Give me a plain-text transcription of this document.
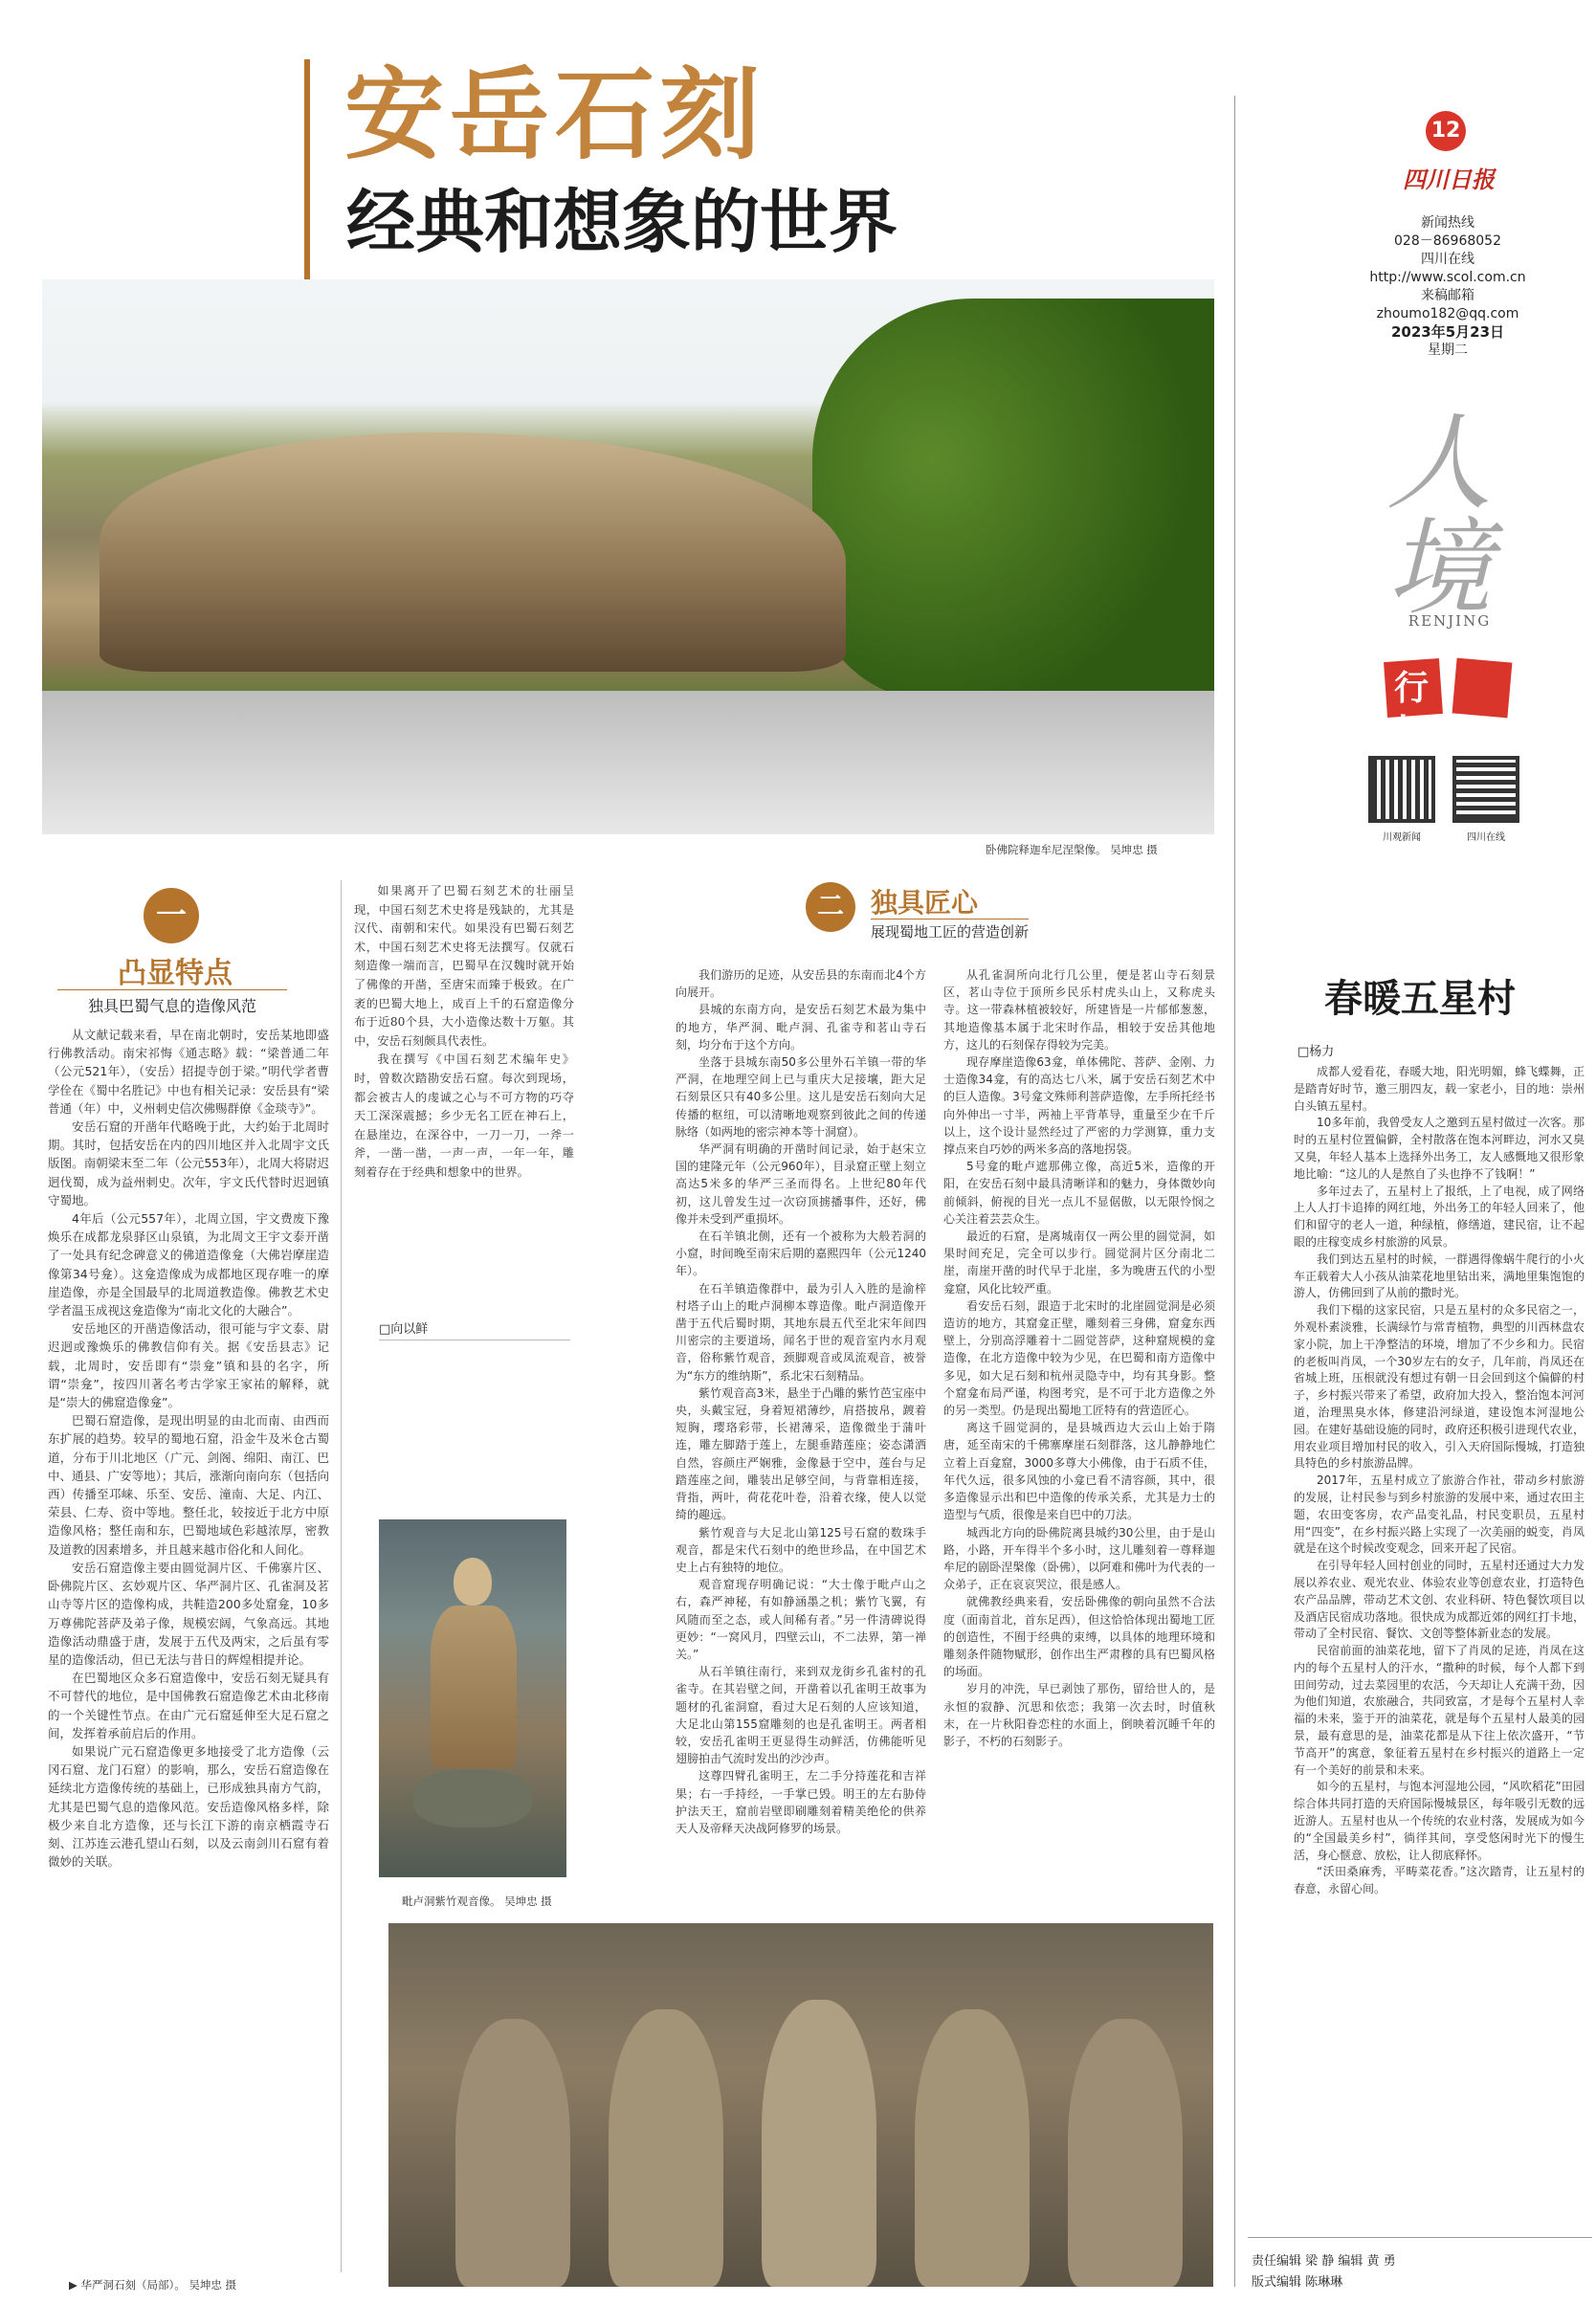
安岳石刻
经典和想象的世界
12
四川日报
新闻热线
028－86968052
四川在线
http://www.scol.com.cn
来稿邮箱
zhoumo182@qq.com
2023年5月23日
星期二
人境
RENJING
行走
川观新闻	四川在线
卧佛院释迦牟尼涅槃像。 吴坤忠 摄
一
凸显特点
独具巴蜀气息的造像风范

从文献记载来看，早在南北朝时，安岳某地即盛行佛教活动。南宋祁悔《通志略》载：“梁普通二年（公元521年），（安岳）招提寺创于梁。”明代学者曹学佺在《蜀中名胜记》中也有相关记录：安岳县有“梁普通（年）中，义州刺史信次佛赐群僚《金琰寺》”。

安岳石窟的开凿年代略晚于此，大约始于北周时期。其时，包括安岳在内的四川地区并入北周宇文氏版图。南朝梁末至二年（公元553年），北周大将尉迟迥伐蜀，成为益州刺史。次年，宇文氏代替时迟迥镇守蜀地。

4年后（公元557年），北周立国，宇文费废下豫焕乐在成都龙泉驿区山泉镇，为北周文王宇文泰开凿了一处具有纪念碑意义的佛道造像龛（大佛岩摩崖造像第34号龛）。这龛造像成为成都地区现存唯一的摩崖造像，亦是全国最早的北周道教造像。佛教艺术史学者温玉成视这龛造像为“南北文化的大融合”。

安岳地区的开凿造像活动，很可能与宇文泰、尉迟迥或豫焕乐的佛教信仰有关。据《安岳县志》记载，北周时，安岳即有“崇龛”镇和县的名字，所谓“崇龛”，按四川著名考古学家王家祐的解释，就是“崇大的佛窟造像龛”。

巴蜀石窟造像，是现出明显的由北而南、由西而东扩展的趋势。较早的蜀地石窟，沿金牛及米仓古蜀道，分布于川北地区（广元、剑阁、绵阳、南江、巴中、通县、广安等地）；其后，涨渐向南向东（包括向西）传播至邛崃、乐至、安岳、潼南、大足、内江、荣县、仁寿、资中等地。整任北，较按近于北方中原造像风格；整任南和东，巴蜀地域色彩越浓厚，密教及道教的因素增多，并且越来越市俗化和人间化。

安岳石窟造像主要由圆觉洞片区、千佛寨片区、卧佛院片区、玄妙观片区、华严洞片区、孔雀洞及茗山寺等片区的造像构成，共鞋造200多处窟龛，10多万尊佛陀菩萨及弟子像，规模宏阔，气象高远。其地造像活动鼎盛于唐，发展于五代及两宋，之后虽有零星的造像活动，但已无法与昔日的辉煌相提并论。

在巴蜀地区众多石窟造像中，安岳石刻无疑具有不可替代的地位，是中国佛教石窟造像艺术由北移南的一个关键性节点。在由广元石窟延伸至大足石窟之间，发挥着承前启后的作用。

如果说广元石窟造像更多地接受了北方造像（云冈石窟、龙门石窟）的影响，那么，安岳石窟造像在延续北方造像传统的基础上，已形成独具南方气韵，尤其是巴蜀气息的造像风范。安岳造像风格多样，除极少来自北方造像，还与长江下游的南京栖霞寺石刻、江苏连云港孔望山石刻，以及云南剑川石窟有着微妙的关联。

如果离开了巴蜀石刻艺术的壮丽呈现，中国石刻艺术史将是残缺的，尤其是汉代、南朝和宋代。如果没有巴蜀石刻艺术，中国石刻艺术史将无法撰写。仅就石刻造像一端而言，巴蜀早在汉魏时就开始了佛像的开凿，至唐宋而臻于极致。在广袤的巴蜀大地上，成百上千的石窟造像分布于近80个县，大小造像达数十万躯。其中，安岳石刻颇具代表性。

我在撰写《中国石刻艺术编年史》时，曾数次踏勘安岳石窟。每次到现场，都会被古人的虔诚之心与不可方物的巧夺天工深深震撼；乡少无名工匠在神石上，在悬崖边，在深谷中，一刀一刀，一斧一斧，一凿一凿，一声一声，一年一年，雕刻着存在于经典和想象中的世界。

□向以鲜
毗卢洞紫竹观音像。 吴坤忠 摄
二	独具匠心
展现蜀地工匠的营造创新

我们游历的足迹，从安岳县的东南而北4个方向展开。

县城的东南方向，是安岳石刻艺术最为集中的地方，华严洞、毗卢洞、孔雀寺和茗山寺石刻，均分布于这个方向。

坐落于县城东南50多公里外石羊镇一带的华严洞，在地理空间上已与重庆大足接壤，距大足石刻景区只有40多公里。这儿是安岳石刻向大足传播的枢纽，可以清晰地观察到彼此之间的传递脉络（如两地的密宗神本等十洞窟）。

华严洞有明确的开凿时间记录，始于赵宋立国的建隆元年（公元960年），目录窟正壁上刻立高达5米多的华严三圣而得名。上世纪80年代初，这儿曾发生过一次窃顶掳播事件，还好，佛像并未受到严重损坏。

在石羊镇北侧，还有一个被称为大般若洞的小窟，时间晚至南宋后期的嘉熙四年（公元1240年）。

在石羊镇造像群中，最为引人入胜的是渝梓村塔子山上的毗卢洞柳本尊造像。毗卢洞造像开凿于五代后蜀时期，其地东晨五代至北宋年间四川密宗的主要道场，闻名于世的观音室内水月观音，俗称紫竹观音，颈脚观音或凤流观音，被誉为“东方的维纳斯”，系北宋石刻精品。

紫竹观音高3米，悬坐于凸雕的紫竹芭宝座中央，头戴宝冠，身着短裙薄纱，肩搭披帛，踱着短胸，璎珞彩带，长裙薄采，造像微坐于蒲叶连，雕左脚踏于莲上，左腿垂踏莲座；姿态潇洒自然，容颜庄严娴雅，金像悬于空中，莲台与足踏莲座之间，雕装出足够空间，与背靠相连接，背指，两叶，荷花花叶卷，沿着衣缘，使人以觉绮的趣远。

紫竹观音与大足北山第125号石窟的数珠手观音，都是宋代石刻中的绝世珍品，在中国艺术史上占有独特的地位。

观音窟现存明确记说：“大士像于毗卢山之右，森严神秘，有如静涵墨之机；紫竹飞翼，有风随而至之态，或人间稀有者。”另一件清碑说得更妙：“一窝风月，四壁云山，不二法界，第一禅关。”

从石羊镇往南行，来到双龙街乡孔雀村的孔雀寺。在其岩壁之间，开凿着以孔雀明王故事为题材的孔雀洞窟，看过大足石刻的人应该知道，大足北山第155窟雕刻的也是孔雀明王。两者相较，安岳孔雀明王更显得生动鲜活，仿佛能听见翅膀拍击气流时发出的沙沙声。

这尊四臂孔雀明王，左二手分持莲花和吉祥果；右一手持经，一手掌已毁。明王的左右胁侍护法天王，窟前岩壁即刷雕刻着精美绝伦的供养天人及帝释天决战阿修罗的场景。

从孔雀洞所向北行几公里，便是茗山寺石刻景区，茗山寺位于顶所乡民乐村虎头山上，又称虎头寺。这一带森林植被较好，所建皆是一片郁郁葱葱，其地造像基本属于北宋时作品，相较于安岳其他地方，这儿的石刻保存得较为完美。

现存摩崖造像63龛，单体佛陀、菩萨、金刚、力士造像34龛，有的高达七八米，属于安岳石刻艺术中的巨人造像。3号龛文殊师利菩萨造像，左手所托经书向外伸出一寸半，两袖上平背革导，重量至少在千斤以上，这个设计显然经过了严密的力学测算，重力支撑点来自巧妙的两米多高的落地拐袋。

5号龛的毗卢遮那佛立像，高近5米，造像的开阳，在安岳石刻中最具清晰详和的魅力，身体微妙向前倾斜，俯视的目光一点儿不显倨傲，以无限怜悯之心关注着芸芸众生。

最近的石窟，是离城南仅一两公里的圆觉洞，如果时间充足，完全可以步行。圆觉洞片区分南北二崖，南崖开凿的时代早于北崖，多为晚唐五代的小型龛窟，风化比较严重。

看安岳石刻，跟造于北宋时的北崖圆觉洞是必须造访的地方，其窟龛正壁，雕刻着三身佛，窟龛东西壁上，分别高浮雕着十二圆觉菩萨，这种窟规模的龛造像，在北方造像中较为少见，在巴蜀和南方造像中多见，如大足石刻和杭州灵隐寺中，均有其身影。整个窟龛布局严谨，构图考究，是不可于北方造像之外的另一类型。仍是现出蜀地工匠特有的营造匠心。

离这千圆觉洞的，是县城西边大云山上始于隋唐，延至南宋的千佛寨摩崖石刻群落，这儿静静地伫立着上百龛窟，3000多尊大小佛像，由于石质不佳，年代久远，很多风蚀的小龛已看不清容颜，其中，很多造像显示出和巴中造像的传承关系，尤其是力士的造型与气质，很像是来自巴中的刀法。

城西北方向的卧佛院离县城约30公里，由于是山路，小路，开车得半个多小时，这儿雕刻着一尊释迦牟尼的剧卧涅槃像（卧佛），以阿难和佛叶为代表的一众弟子，正在哀哀哭泣，很是感人。

就佛教经典来看，安岳卧佛像的朝向虽然不合法度（面南首北，首东足西），但这恰恰体现出蜀地工匠的创造性，不囿于经典的束缚，以具体的地理环境和雕刻条件随物赋形，创作出生严肃穆的具有巴蜀风格的场面。

岁月的冲洗，早已剥蚀了那伤，留给世人的，是永恒的寂静、沉思和依恋；我第一次去时，时值秋末，在一片秋阳眷恋柱的水面上，倒映着沉睡千年的影子，不朽的石刻影子。

▶ 华严洞石刻（局部）。 吴坤忠 摄
春暖五星村
□杨力

成都人爱看花，春暖大地，阳光明媚，蜂飞蝶舞，正是踏青好时节，邀三朋四友，载一家老小，目的地：崇州白头镇五星村。

10多年前，我曾受友人之邀到五星村做过一次客。那时的五星村位置偏僻，全村散落在饱本河畔边，河水又臭又臭，年轻人基本上选择外出务工，友人感慨地又很形象地比喻：“这儿的人是熬自了头也挣不了钱啊！”

多年过去了，五星村上了报纸，上了电视，成了网络上人人打卡追捧的网红地，外出务工的年轻人回来了，他们和留守的老人一道，种绿植，修缮道，建民宿，让不起眼的庄稼变成乡村旅游的风景。

我们到达五星村的时候，一群遇得像蜗牛爬行的小火车正载着大人小孩从油菜花地里钻出来，满地里集饱饱的游人，仿佛回到了从前的撒时光。

我们下榻的这家民宿，只是五星村的众多民宿之一，外观朴素淡雅，长满绿竹与常青植物，典型的川西林盘农家小院，加上干净整洁的环境，增加了不少乡和力。民宿的老板叫肖凤，一个30岁左右的女子，几年前，肖凤还在省城上班，压根就没有想过有朝一日会回到这个偏僻的村子，乡村振兴带来了希望，政府加大投入，整治饱本河河道，治理黑臭水体，修建沿河绿道，建设饱本河湿地公园。在建好基础设施的同时，政府还积极引进现代农业，用农业项目增加村民的收入，引入天府国际慢城，打造独具特色的乡村旅游品牌。

2017年，五星村成立了旅游合作社，带动乡村旅游的发展，让村民参与到乡村旅游的发展中来，通过农田主题，农田变客房，农产品变礼品，村民变职员，五星村用“四变”，在乡村振兴路上实现了一次美丽的蜕变，肖凤就是在这个时候改变观念，回来开起了民宿。

在引导年轻人回村创业的同时，五星村还通过大力发展以养农业、观光农业、体验农业等创意农业，打造特色农产品品牌，带动艺术文创、农业科研、特色餐饮项目以及酒店民宿成功落地。很快成为成都近郊的网红打卡地，带动了全村民宿、餐饮、文创等整体新业态的发展。

民宿前面的油菜花地，留下了肖凤的足迹，肖凤在这内的每个五星村人的汗水，“撒种的时候，每个人都下到田间劳动，过去菜园里的农活，今天却让人充满干劲，因为他们知道，农旅融合，共同致富，才是每个五星村人幸福的未来，鉴于开的油菜花，就是每个五星村人最美的园景，最有意思的是，油菜花都是从下往上依次盛开，“节节高开”的寓意，象征着五星村在乡村振兴的道路上一定有一个美好的前景和未来。

如今的五星村，与饱本河湿地公园，“风吹稻花”田园综合体共同打造的天府国际慢城景区，每年吸引无数的远近游人。五星村也从一个传统的农业村落，发展成为如今的“全国最美乡村”，徜徉其间，享受悠闲时光下的慢生活，身心惬意、放松，让人彻底释怀。

“沃田桑麻秀，平畴菜花香。”这次踏青，让五星村的春意，永留心间。

责任编辑 梁 静 编辑 黄 勇
版式编辑 陈琳琳
